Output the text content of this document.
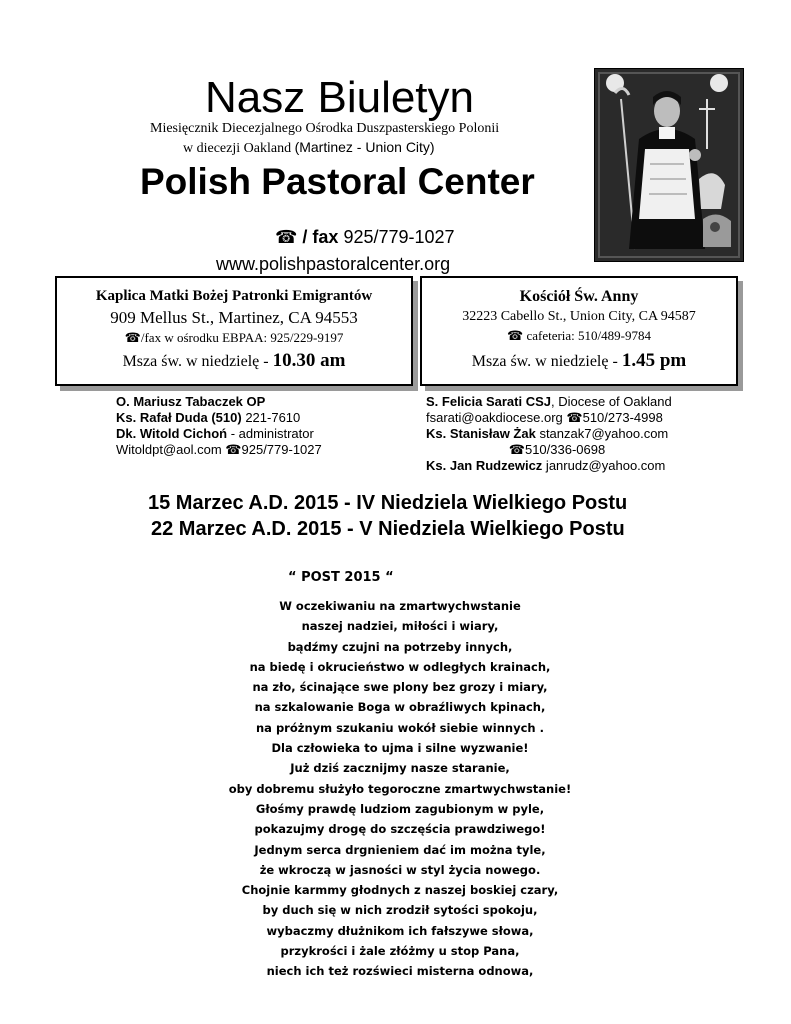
Nasz Biuletyn
Miesięcznik Diecezjalnego Ośrodka Duszpasterskiego Polonii
w diecezji Oakland (Martinez - Union City)
Polish Pastoral Center
☎ / fax 925/779-1027
www.polishpastoralcenter.org
Kaplica Matki Bożej Patronki Emigrantów
909 Mellus St., Martinez, CA 94553
☎/fax w ośrodku EBPAA: 925/229-9197
Msza św. w niedzielę - 10.30 am
Kościół Św. Anny
32223 Cabello St., Union City, CA 94587
☎ cafeteria: 510/489-9784
Msza św. w niedzielę - 1.45 pm
O. Mariusz Tabaczek OP
Ks. Rafał Duda (510) 221-7610
Dk. Witold Cichoń - administrator
Witoldpt@aol.com ☎925/779-1027
S. Felicia Sarati CSJ, Diocese of Oakland
fsarati@oakdiocese.org ☎510/273-4998
Ks. Stanisław Żak stanzak7@yahoo.com
☎510/336-0698
Ks. Jan Rudzewicz janrudz@yahoo.com
15 Marzec A.D. 2015 - IV Niedziela Wielkiego Postu
22 Marzec A.D. 2015 - V Niedziela Wielkiego Postu
“ POST 2015 “
W oczekiwaniu na zmartwychwstanie
naszej nadziei, miłości i wiary,
bądźmy czujni na potrzeby innych,
na biedę i okrucieństwo w odległych krainach,
na zło, ścinające swe plony bez grozy i miary,
na szkalowanie Boga w obraźliwych kpinach,
na próżnym szukaniu wokół siebie winnych .
Dla człowieka to ujma i silne wyzwanie!
Już dziś zacznijmy nasze staranie,
oby dobremu służyło tegoroczne zmartwychwstanie!
Głośmy prawdę ludziom zagubionym w pyle,
pokazujmy drogę do szczęścia prawdziwego!
Jednym serca drgnieniem dać im można tyle,
że wkroczą w jasności w styl życia nowego.
Chojnie karmmy głodnych z naszej boskiej czary,
by duch się w nich zrodził sytości spokoju,
wybaczmy dłużnikom ich fałszywe słowa,
przykrości i żale złóżmy u stop Pana,
niech ich też rozświeci misterna odnowa,
